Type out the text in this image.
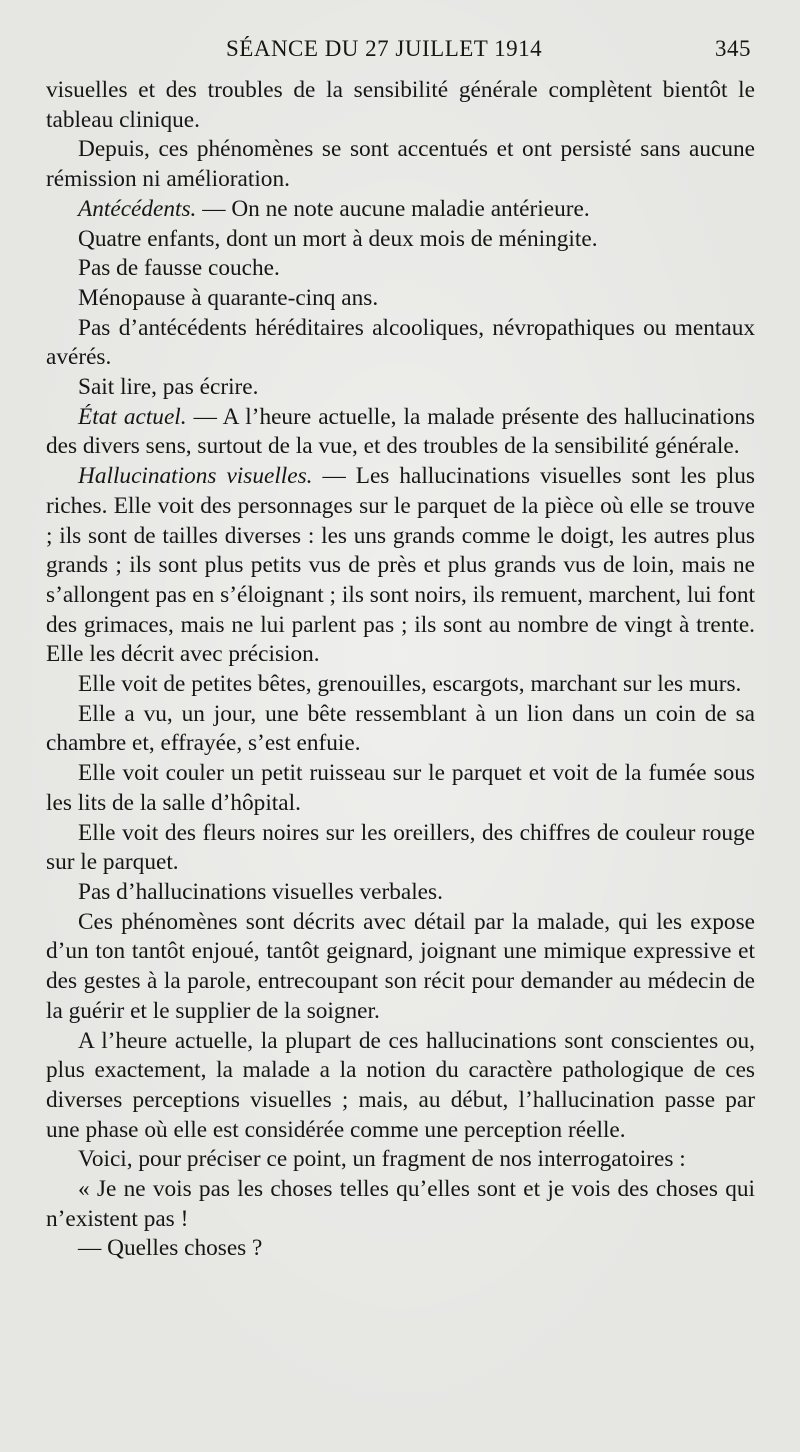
SÉANCE DU 27 JUILLET 1914	345

visuelles et des troubles de la sensibilité générale complètent bientôt le tableau clinique.

Depuis, ces phénomènes se sont accentués et ont persisté sans aucune rémission ni amélioration.

Antécédents. — On ne note aucune maladie antérieure.

Quatre enfants, dont un mort à deux mois de méningite.

Pas de fausse couche.

Ménopause à quarante-cinq ans.

Pas d’antécédents héréditaires alcooliques, névropathiques ou mentaux avérés.

Sait lire, pas écrire.

État actuel. — A l’heure actuelle, la malade présente des hallucinations des divers sens, surtout de la vue, et des troubles de la sensibilité générale.

Hallucinations visuelles. — Les hallucinations visuelles sont les plus riches. Elle voit des personnages sur le parquet de la pièce où elle se trouve ; ils sont de tailles diverses : les uns grands comme le doigt, les autres plus grands ; ils sont plus petits vus de près et plus grands vus de loin, mais ne s’allongent pas en s’éloignant ; ils sont noirs, ils remuent, marchent, lui font des grimaces, mais ne lui parlent pas ; ils sont au nombre de vingt à trente. Elle les décrit avec précision.

Elle voit de petites bêtes, grenouilles, escargots, marchant sur les murs.

Elle a vu, un jour, une bête ressemblant à un lion dans un coin de sa chambre et, effrayée, s’est enfuie.

Elle voit couler un petit ruisseau sur le parquet et voit de la fumée sous les lits de la salle d’hôpital.

Elle voit des fleurs noires sur les oreillers, des chiffres de couleur rouge sur le parquet.

Pas d’hallucinations visuelles verbales.

Ces phénomènes sont décrits avec détail par la malade, qui les expose d’un ton tantôt enjoué, tantôt geignard, joignant une mimique expressive et des gestes à la parole, entrecoupant son récit pour demander au médecin de la guérir et le supplier de la soigner.

A l’heure actuelle, la plupart de ces hallucinations sont conscientes ou, plus exactement, la malade a la notion du caractère pathologique de ces diverses perceptions visuelles ; mais, au début, l’hallucination passe par une phase où elle est considérée comme une perception réelle.

Voici, pour préciser ce point, un fragment de nos interrogatoires :

« Je ne vois pas les choses telles qu’elles sont et je vois des choses qui n’existent pas !

— Quelles choses ?
